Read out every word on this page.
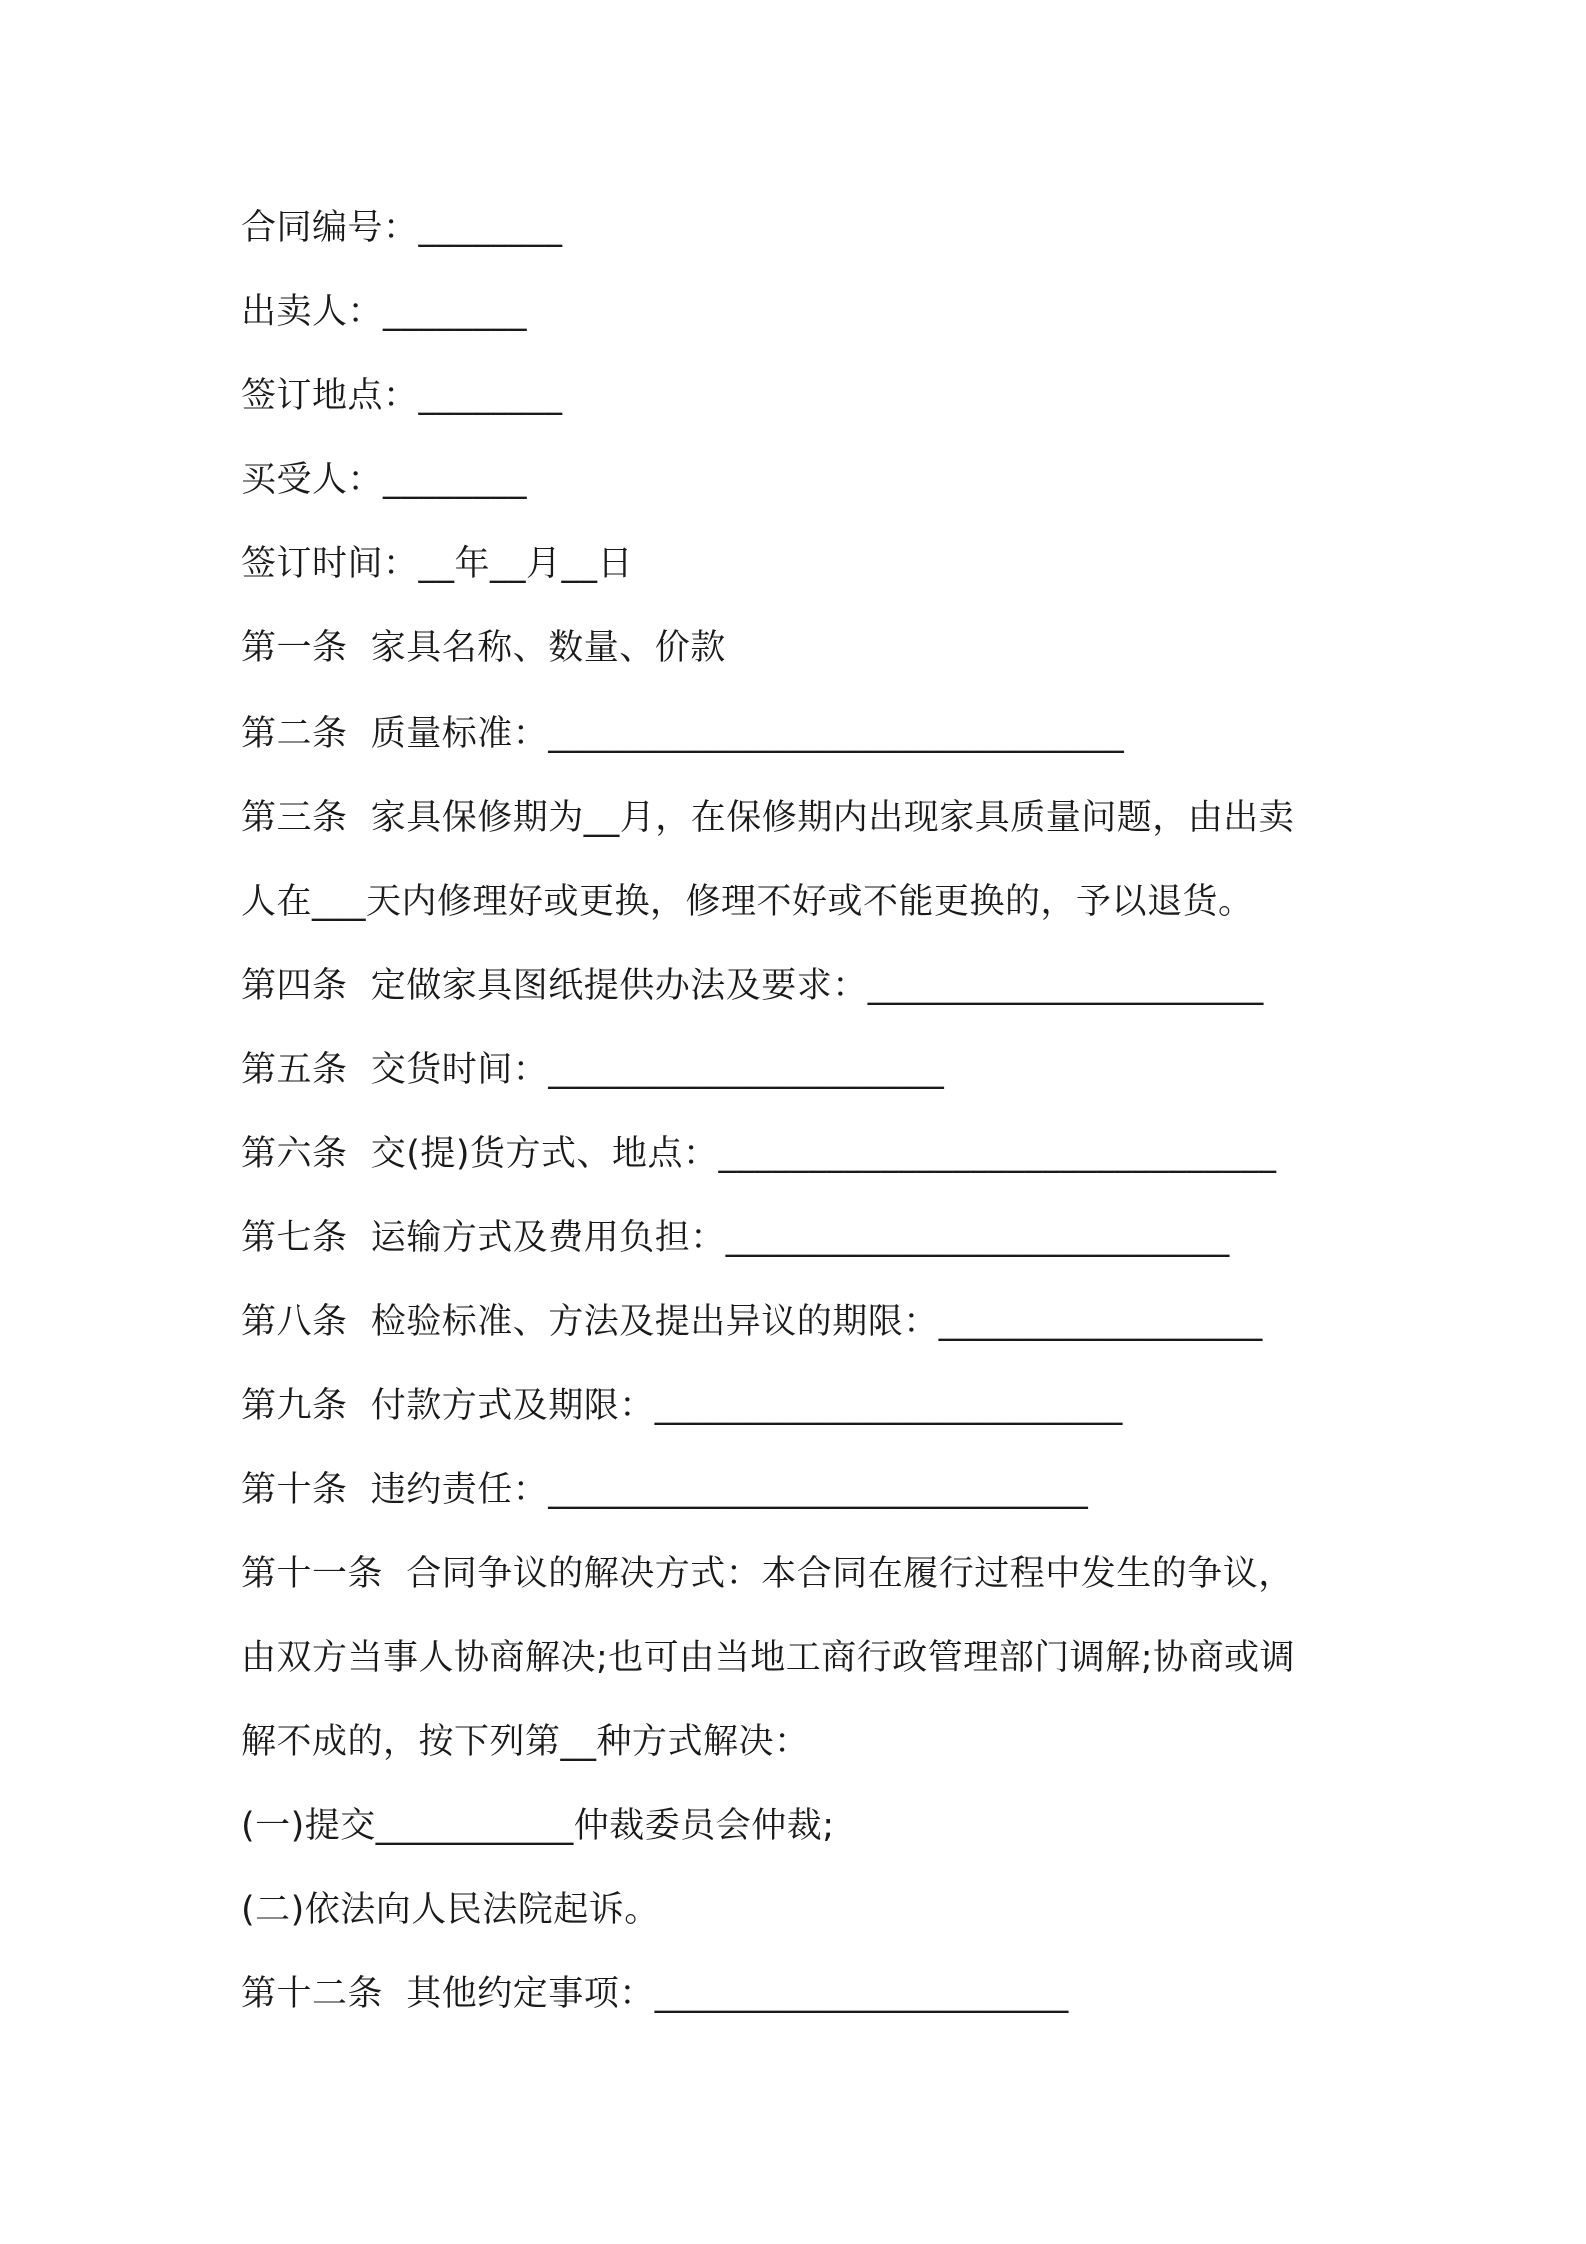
合同编号：________
出卖人：________
签订地点：________
买受人：________
签订时间：__年__月__日
第一条  家具名称、数量、价款
第二条  质量标准：________________________________
第三条  家具保修期为__月，在保修期内出现家具质量问题，由出卖
人在___天内修理好或更换，修理不好或不能更换的，予以退货。
第四条  定做家具图纸提供办法及要求：______________________
第五条  交货时间：______________________
第六条  交(提)货方式、地点：_______________________________
第七条  运输方式及费用负担：____________________________
第八条  检验标准、方法及提出异议的期限：__________________
第九条  付款方式及期限：__________________________
第十条  违约责任：______________________________
第十一条  合同争议的解决方式：本合同在履行过程中发生的争议，
由双方当事人协商解决;也可由当地工商行政管理部门调解;协商或调
解不成的，按下列第__种方式解决：
(一)提交___________仲裁委员会仲裁;
(二)依法向人民法院起诉。
第十二条  其他约定事项：_______________________
